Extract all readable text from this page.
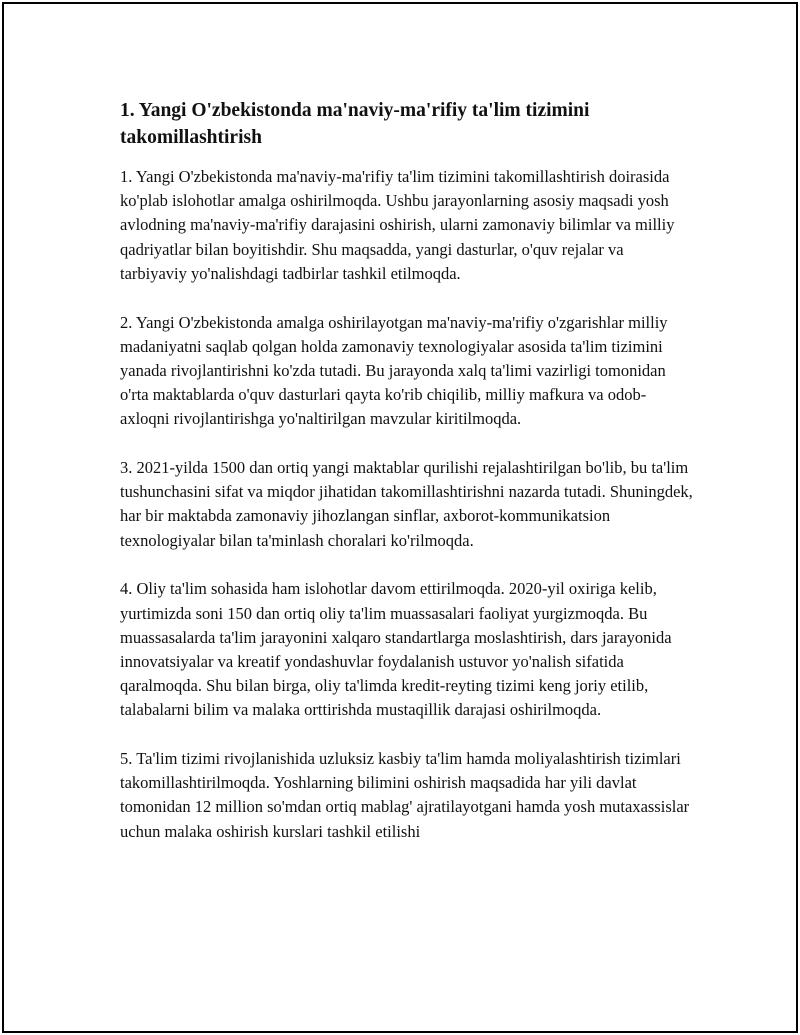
1. Yangi O'zbekistonda ma'naviy-ma'rifiy ta'lim tizimini takomillashtirish

1. Yangi O'zbekistonda ma'naviy-ma'rifiy ta'lim tizimini takomillashtirish doirasida ko'plab islohotlar amalga oshirilmoqda. Ushbu jarayonlarning asosiy maqsadi yosh avlodning ma'naviy-ma'rifiy darajasini oshirish, ularni zamonaviy bilimlar va milliy qadriyatlar bilan boyitishdir. Shu maqsadda, yangi dasturlar, o'quv rejalar va tarbiyaviy yo'nalishdagi tadbirlar tashkil etilmoqda.

2. Yangi O'zbekistonda amalga oshirilayotgan ma'naviy-ma'rifiy o'zgarishlar milliy madaniyatni saqlab qolgan holda zamonaviy texnologiyalar asosida ta'lim tizimini yanada rivojlantirishni ko'zda tutadi. Bu jarayonda xalq ta'limi vazirligi tomonidan o'rta maktablarda o'quv dasturlari qayta ko'rib chiqilib, milliy mafkura va odob-axloqni rivojlantirishga yo'naltirilgan mavzular kiritilmoqda.

3. 2021-yilda 1500 dan ortiq yangi maktablar qurilishi rejalashtirilgan bo'lib, bu ta'lim tushunchasini sifat va miqdor jihatidan takomillashtirishni nazarda tutadi. Shuningdek, har bir maktabda zamonaviy jihozlangan sinflar, axborot-kommunikatsion texnologiyalar bilan ta'minlash choralari ko'rilmoqda.

4. Oliy ta'lim sohasida ham islohotlar davom ettirilmoqda. 2020-yil oxiriga kelib, yurtimizda soni 150 dan ortiq oliy ta'lim muassasalari faoliyat yurgizmoqda. Bu muassasalarda ta'lim jarayonini xalqaro standartlarga moslashtirish, dars jarayonida innovatsiyalar va kreatif yondashuvlar foydalanish ustuvor yo'nalish sifatida qaralmoqda. Shu bilan birga, oliy ta'limda kredit-reyting tizimi keng joriy etilib, talabalarni bilim va malaka orttirishda mustaqillik darajasi oshirilmoqda.

5. Ta'lim tizimi rivojlanishida uzluksiz kasbiy ta'lim hamda moliyalashtirish tizimlari takomillashtirilmoqda. Yoshlarning bilimini oshirish maqsadida har yili davlat tomonidan 12 million so'mdan ortiq mablag' ajratilayotgani hamda yosh mutaxassislar uchun malaka oshirish kurslari tashkil etilishi
